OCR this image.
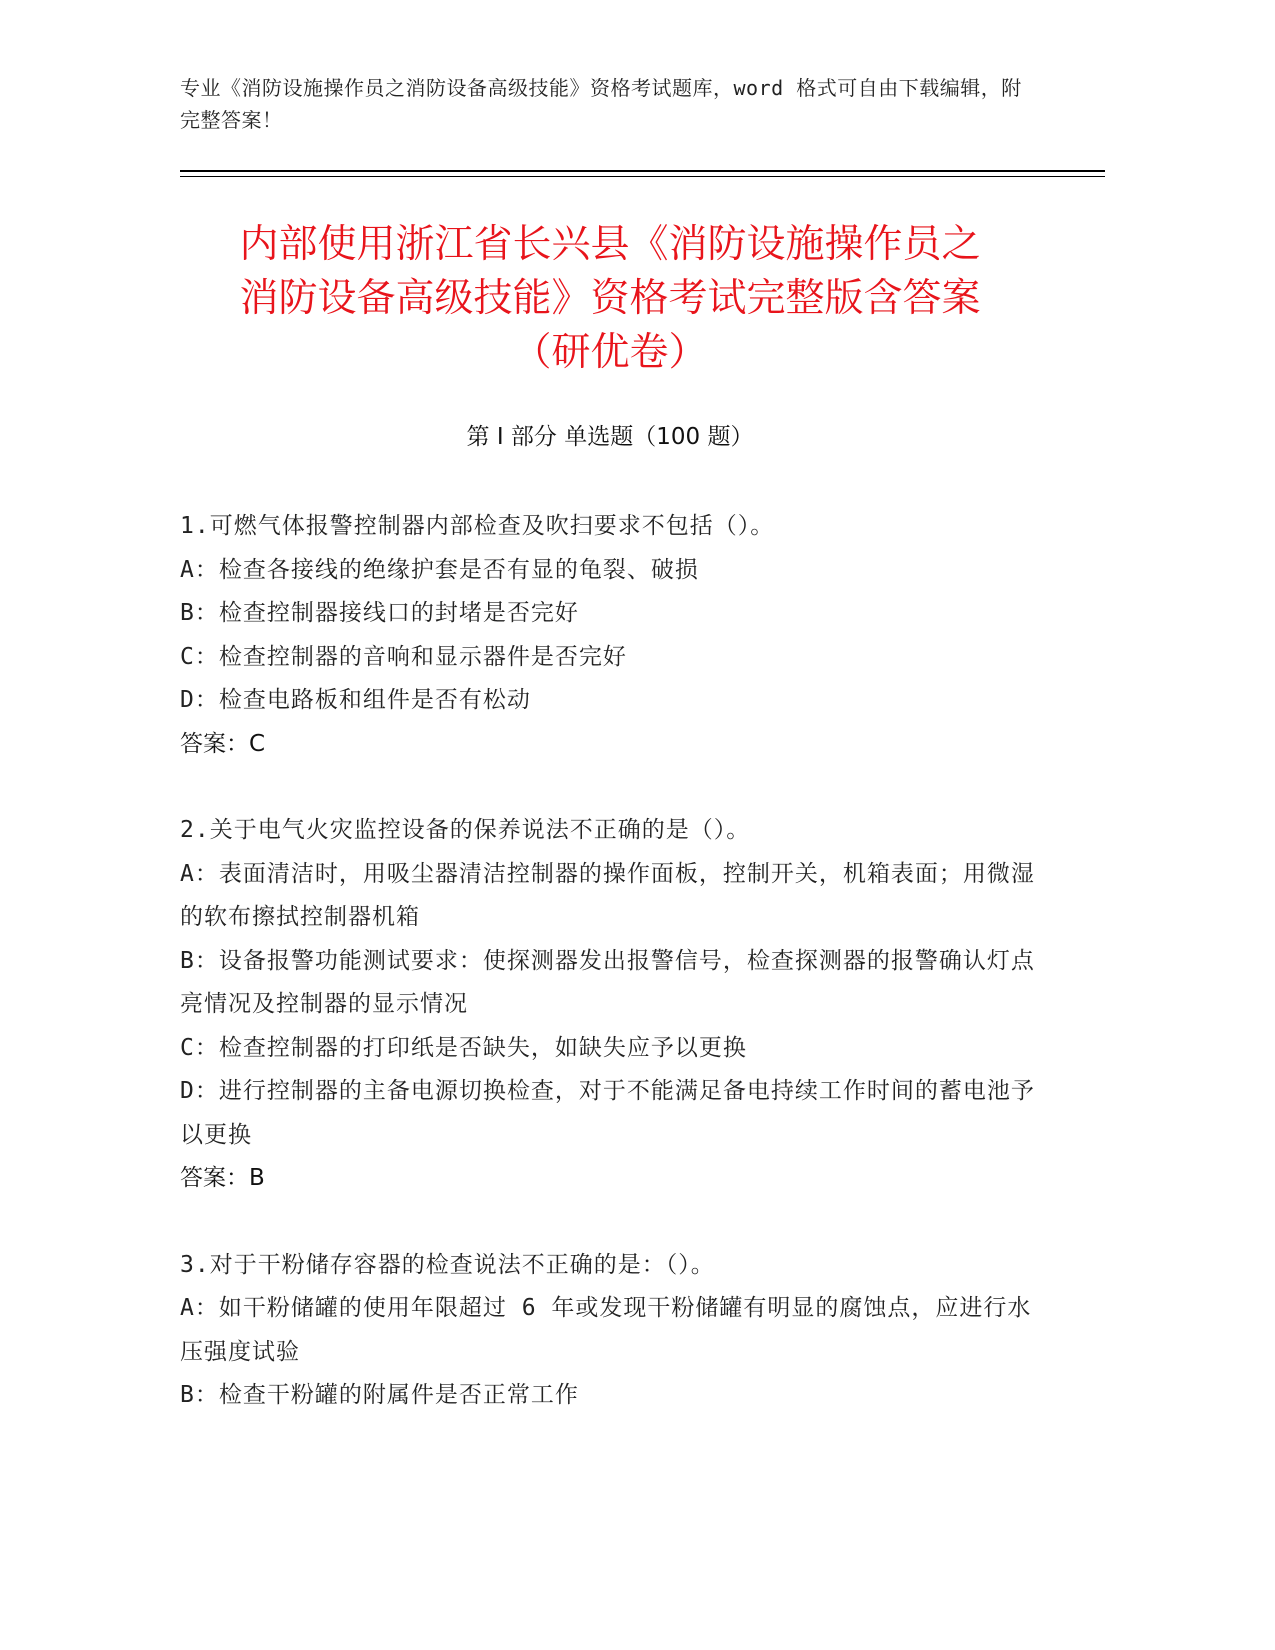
专业《消防设施操作员之消防设备高级技能》资格考试题库，word 格式可自由下载编辑，附完整答案！
内部使用浙江省长兴县《消防设施操作员之
消防设备高级技能》资格考试完整版含答案
（研优卷）
第 I 部分 单选题（100 题）

1.可燃气体报警控制器内部检查及吹扫要求不包括（）。

A：检查各接线的绝缘护套是否有显的龟裂、破损

B：检查控制器接线口的封堵是否完好

C：检查控制器的音响和显示器件是否完好

D：检查电路板和组件是否有松动

答案：C

2.关于电气火灾监控设备的保养说法不正确的是（）。

A：表面清洁时，用吸尘器清洁控制器的操作面板，控制开关，机箱表面；用微湿的软布擦拭控制器机箱

B：设备报警功能测试要求：使探测器发出报警信号，检查探测器的报警确认灯点亮情况及控制器的显示情况

C：检查控制器的打印纸是否缺失，如缺失应予以更换

D：进行控制器的主备电源切换检查，对于不能满足备电持续工作时间的蓄电池予以更换

答案：B

3.对于干粉储存容器的检查说法不正确的是：（）。

A：如干粉储罐的使用年限超过 6 年或发现干粉储罐有明显的腐蚀点，应进行水压强度试验

B：检查干粉罐的附属件是否正常工作
